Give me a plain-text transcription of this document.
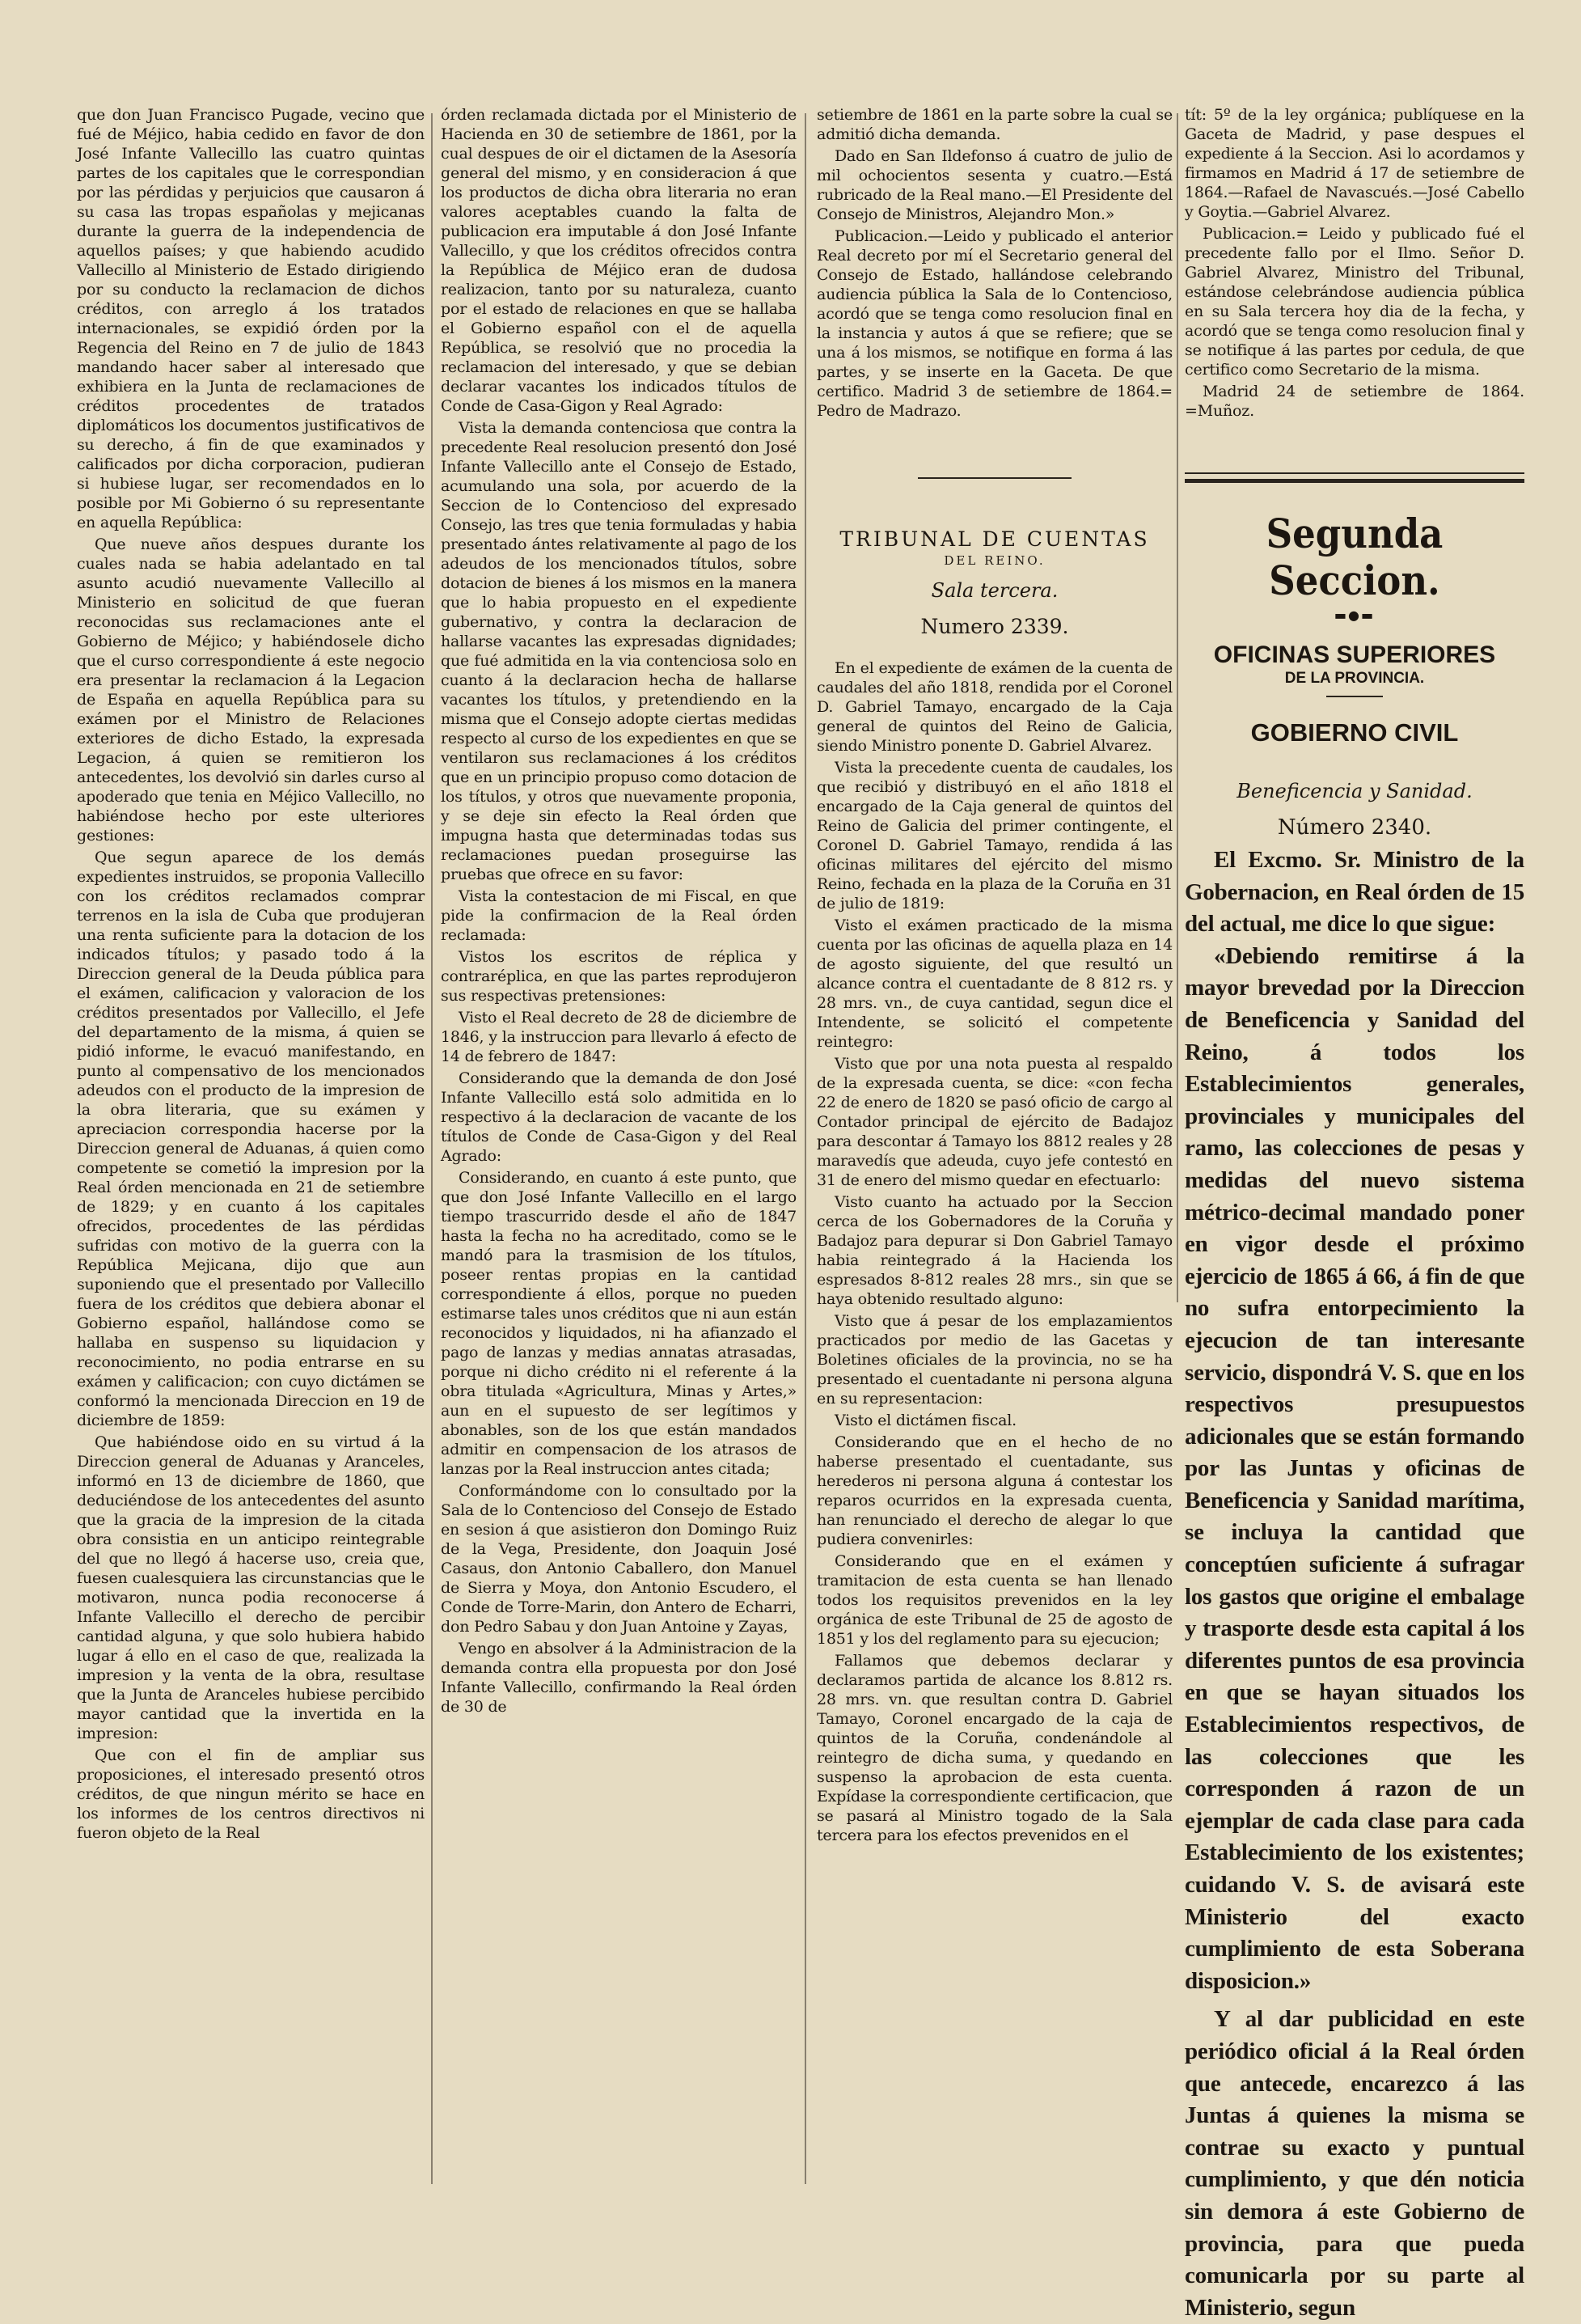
que don Juan Francisco Pugade, vecino que fué de Méjico, habia cedido en favor de don José Infante Vallecillo las cuatro quintas partes de los capitales que le correspondian por las pérdidas y perjuicios que causaron á su casa las tropas españolas y mejicanas durante la guerra de la independencia de aquellos países; y que habiendo acudido Vallecillo al Ministerio de Estado dirigiendo por su conducto la reclamacion de dichos créditos, con arreglo á los tratados internacionales, se expidió órden por la Regencia del Reino en 7 de julio de 1843 mandando hacer saber al interesado que exhibiera en la Junta de reclamaciones de créditos procedentes de tratados diplomáticos los documentos justificativos de su derecho, á fin de que examinados y calificados por dicha corporacion, pudieran si hubiese lugar, ser recomendados en lo posible por Mi Gobierno ó su representante en aquella República:

Que nueve años despues durante los cuales nada se habia adelantado en tal asunto acudió nuevamente Vallecillo al Ministerio en solicitud de que fueran reconocidas sus reclamaciones ante el Gobierno de Méjico; y habiéndosele dicho que el curso correspondiente á este negocio era presentar la reclamacion á la Legacion de España en aquella República para su exámen por el Ministro de Relaciones exteriores de dicho Estado, la expresada Legacion, á quien se remitieron los antecedentes, los devolvió sin darles curso al apoderado que tenia en Méjico Vallecillo, no habiéndose hecho por este ulteriores gestiones:

Que segun aparece de los demás expedientes instruidos, se proponia Vallecillo con los créditos reclamados comprar terrenos en la isla de Cuba que produjeran una renta suficiente para la dotacion de los indicados títulos; y pasado todo á la Direccion general de la Deuda pública para el exámen, calificacion y valoracion de los créditos presentados por Vallecillo, el Jefe del departamento de la misma, á quien se pidió informe, le evacuó manifestando, en punto al compensativo de los mencionados adeudos con el producto de la impresion de la obra literaria, que su exámen y apreciacion correspondia hacerse por la Direccion general de Aduanas, á quien como competente se cometió la impresion por la Real órden mencionada en 21 de setiembre de 1829; y en cuanto á los capitales ofrecidos, procedentes de las pérdidas sufridas con motivo de la guerra con la República Mejicana, dijo que aun suponiendo que el presentado por Vallecillo fuera de los créditos que debiera abonar el Gobierno español, hallándose como se hallaba en suspenso su liquidacion y reconocimiento, no podia entrarse en su exámen y calificacion; con cuyo dictámen se conformó la mencionada Direccion en 19 de diciembre de 1859:

Que habiéndose oido en su virtud á la Direccion general de Aduanas y Aranceles, informó en 13 de diciembre de 1860, que deduciéndose de los antecedentes del asunto que la gracia de la impresion de la citada obra consistia en un anticipo reintegrable del que no llegó á hacerse uso, creia que, fuesen cualesquiera las circunstancias que le motivaron, nunca podia reconocerse á Infante Vallecillo el derecho de percibir cantidad alguna, y que solo hubiera habido lugar á ello en el caso de que, realizada la impresion y la venta de la obra, resultase que la Junta de Aranceles hubiese percibido mayor cantidad que la invertida en la impresion:

Que con el fin de ampliar sus proposiciones, el interesado presentó otros créditos, de que ningun mérito se hace en los informes de los centros directivos ni fueron objeto de la Real

órden reclamada dictada por el Ministerio de Hacienda en 30 de setiembre de 1861, por la cual despues de oir el dictamen de la Asesoría general del mismo, y en consideracion á que los productos de dicha obra literaria no eran valores aceptables cuando la falta de publicacion era imputable á don José Infante Vallecillo, y que los créditos ofrecidos contra la República de Méjico eran de dudosa realizacion, tanto por su naturaleza, cuanto por el estado de relaciones en que se hallaba el Gobierno español con el de aquella República, se resolvió que no procedia la reclamacion del interesado, y que se debian declarar vacantes los indicados títulos de Conde de Casa-Gigon y Real Agrado:

Vista la demanda contenciosa que contra la precedente Real resolucion presentó don José Infante Vallecillo ante el Consejo de Estado, acumulando una sola, por acuerdo de la Seccion de lo Contencioso del expresado Consejo, las tres que tenia formuladas y habia presentado ántes relativamente al pago de los adeudos de los mencionados títulos, sobre dotacion de bienes á los mismos en la manera que lo habia propuesto en el expediente gubernativo, y contra la declaracion de hallarse vacantes las expresadas dignidades; que fué admitida en la via contenciosa solo en cuanto á la declaracion hecha de hallarse vacantes los títulos, y pretendiendo en la misma que el Consejo adopte ciertas medidas respecto al curso de los expedientes en que se ventilaron sus reclamaciones á los créditos que en un principio propuso como dotacion de los títulos, y otros que nuevamente proponia, y se deje sin efecto la Real órden que impugna hasta que determinadas todas sus reclamaciones puedan proseguirse las pruebas que ofrece en su favor:

Vista la contestacion de mi Fiscal, en que pide la confirmacion de la Real órden reclamada:

Vistos los escritos de réplica y contraréplica, en que las partes reprodujeron sus respectivas pretensiones:

Visto el Real decreto de 28 de diciembre de 1846, y la instruccion para llevarlo á efecto de 14 de febrero de 1847:

Considerando que la demanda de don José Infante Vallecillo está solo admitida en lo respectivo á la declaracion de vacante de los títulos de Conde de Casa-Gigon y del Real Agrado:

Considerando, en cuanto á este punto, que que don José Infante Vallecillo en el largo tiempo trascurrido desde el año de 1847 hasta la fecha no ha acreditado, como se le mandó para la trasmision de los títulos, poseer rentas propias en la cantidad correspondiente á ellos, porque no pueden estimarse tales unos créditos que ni aun están reconocidos y liquidados, ni ha afianzado el pago de lanzas y medias annatas atrasadas, porque ni dicho crédito ni el referente á la obra titulada «Agricultura, Minas y Artes,» aun en el supuesto de ser legítimos y abonables, son de los que están mandados admitir en compensacion de los atrasos de lanzas por la Real instruccion antes citada;

Conformándome con lo consultado por la Sala de lo Contencioso del Consejo de Estado en sesion á que asistieron don Domingo Ruiz de la Vega, Presidente, don Joaquin José Casaus, don Antonio Caballero, don Manuel de Sierra y Moya, don Antonio Escudero, el Conde de Torre-Marin, don Antero de Echarri, don Pedro Sabau y don Juan Antoine y Zayas,

Vengo en absolver á la Administracion de la demanda contra ella propuesta por don José Infante Vallecillo, confirmando la Real órden de 30 de

setiembre de 1861 en la parte sobre la cual se admitió dicha demanda.

Dado en San Ildefonso á cuatro de julio de mil ochocientos sesenta y cuatro.—Está rubricado de la Real mano.—El Presidente del Consejo de Ministros, Alejandro Mon.»

Publicacion.—Leido y publicado el anterior Real decreto por mí el Secretario general del Consejo de Estado, hallándose celebrando audiencia pública la Sala de lo Contencioso, acordó que se tenga como resolucion final en la instancia y autos á que se refiere; que se una á los mismos, se notifique en forma á las partes, y se inserte en la Gaceta. De que certifico. Madrid 3 de setiembre de 1864.= Pedro de Madrazo.

TRIBUNAL DE CUENTAS
DEL REINO.
Sala tercera.
Numero 2339.

En el expediente de exámen de la cuenta de caudales del año 1818, rendida por el Coronel D. Gabriel Tamayo, encargado de la Caja general de quintos del Reino de Galicia, siendo Ministro ponente D. Gabriel Alvarez.

Vista la precedente cuenta de caudales, los que recibió y distribuyó en el año 1818 el encargado de la Caja general de quintos del Reino de Galicia del primer contingente, el Coronel D. Gabriel Tamayo, rendida á las oficinas militares del ejército del mismo Reino, fechada en la plaza de la Coruña en 31 de julio de 1819:

Visto el exámen practicado de la misma cuenta por las oficinas de aquella plaza en 14 de agosto siguiente, del que resultó un alcance contra el cuentadante de 8 812 rs. y 28 mrs. vn., de cuya cantidad, segun dice el Intendente, se solicitó el competente reintegro:

Visto que por una nota puesta al respaldo de la expresada cuenta, se dice: «con fecha 22 de enero de 1820 se pasó oficio de cargo al Contador principal de ejército de Badajoz para descontar á Tamayo los 8812 reales y 28 maravedís que adeuda, cuyo jefe contestó en 31 de enero del mismo quedar en efectuarlo:

Visto cuanto ha actuado por la Seccion cerca de los Gobernadores de la Coruña y Badajoz para depurar si Don Gabriel Tamayo habia reintegrado á la Hacienda los espresados 8-812 reales 28 mrs., sin que se haya obtenido resultado alguno:

Visto que á pesar de los emplazamientos practicados por medio de las Gacetas y Boletines oficiales de la provincia, no se ha presentado el cuentadante ni persona alguna en su representacion:

Visto el dictámen fiscal.

Considerando que en el hecho de no haberse presentado el cuentadante, sus herederos ni persona alguna á contestar los reparos ocurridos en la expresada cuenta, han renunciado el derecho de alegar lo que pudiera convenirles:

Considerando que en el exámen y tramitacion de esta cuenta se han llenado todos los requisitos prevenidos en la ley orgánica de este Tribunal de 25 de agosto de 1851 y los del reglamento para su ejecucion;

Fallamos que debemos declarar y declaramos partida de alcance los 8.812 rs. 28 mrs. vn. que resultan contra D. Gabriel Tamayo, Coronel encargado de la caja de quintos de la Coruña, condenándole al reintegro de dicha suma, y quedando en suspenso la aprobacion de esta cuenta. Expídase la correspondiente certificacion, que se pasará al Ministro togado de la Sala tercera para los efectos prevenidos en el

tít: 5º de la ley orgánica; publíquese en la Gaceta de Madrid, y pase despues el expediente á la Seccion. Asi lo acordamos y firmamos en Madrid á 17 de setiembre de 1864.—Rafael de Navascués.—José Cabello y Goytia.—Gabriel Alvarez.

Publicacion.= Leido y publicado fué el precedente fallo por el Ilmo. Señor D. Gabriel Alvarez, Ministro del Tribunal, estándose celebrándose audiencia pública en su Sala tercera hoy dia de la fecha, y acordó que se tenga como resolucion final y se notifique á las partes por cedula, de que certifico como Secretario de la misma.

Madrid 24 de setiembre de 1864. =Muñoz.

Segunda Seccion.
▬●▬
OFICINAS SUPERIORES
DE LA PROVINCIA.
GOBIERNO CIVIL
Beneficencia y Sanidad.
Número 2340.

El Excmo. Sr. Ministro de la Gobernacion, en Real órden de 15 del actual, me dice lo que sigue:

«Debiendo remitirse á la mayor brevedad por la Direccion de Beneficencia y Sanidad del Reino, á todos los Establecimientos generales, provinciales y municipales del ramo, las colecciones de pesas y medidas del nuevo sistema métrico-decimal mandado poner en vigor desde el próximo ejercicio de 1865 á 66, á fin de que no sufra entorpecimiento la ejecucion de tan interesante servicio, dispondrá V. S. que en los respectivos presupuestos adicionales que se están formando por las Juntas y oficinas de Beneficencia y Sanidad marítima, se incluya la cantidad que conceptúen suficiente á sufragar los gastos que origine el embalage y trasporte desde esta capital á los diferentes puntos de esa provincia en que se hayan situados los Establecimientos respectivos, de las colecciones que les corresponden á razon de un ejemplar de cada clase para cada Establecimiento de los existentes; cuidando V. S. de avisará este Ministerio del exacto cumplimiento de esta Soberana disposicion.»

Y al dar publicidad en este periódico oficial á la Real órden que antecede, encarezco á las Juntas á quienes la misma se contrae su exacto y puntual cumplimiento, y que dén noticia sin demora á este Gobierno de provincia, para que pueda comunicarla por su parte al Ministerio, segun
